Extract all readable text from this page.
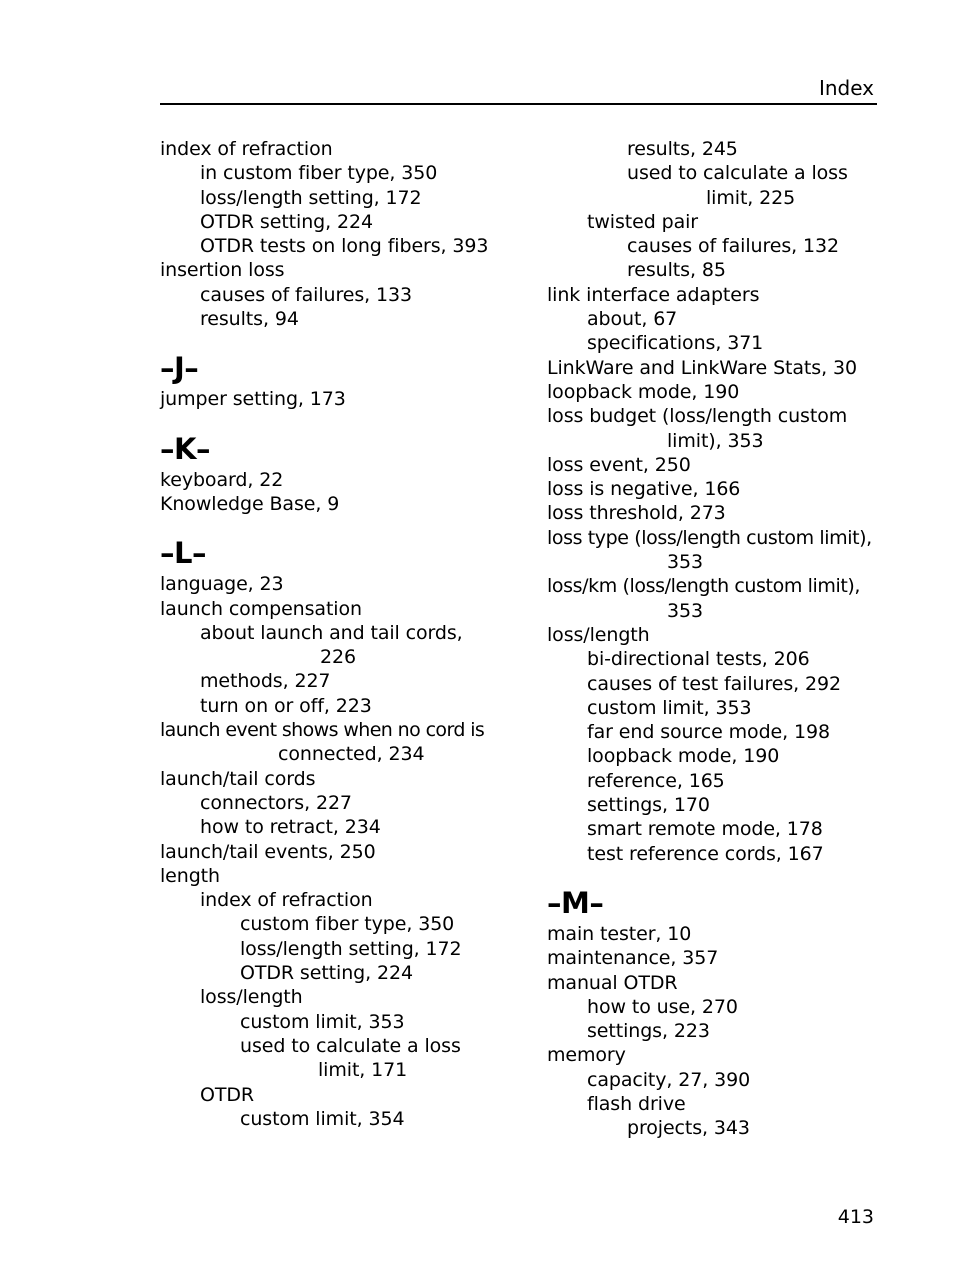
Index
index of refraction
in custom fiber type, 350
loss/length setting, 172
OTDR setting, 224
OTDR tests on long fibers, 393
insertion loss
causes of failures, 133
results, 94
–J–
jumper setting, 173
–K–
keyboard, 22
Knowledge Base, 9
–L–
language, 23
launch compensation
about launch and tail cords,
226
methods, 227
turn on or off, 223
launch event shows when no cord is
connected, 234
launch/tail cords
connectors, 227
how to retract, 234
launch/tail events, 250
length
index of refraction
custom fiber type, 350
loss/length setting, 172
OTDR setting, 224
loss/length
custom limit, 353
used to calculate a loss
limit, 171
OTDR
custom limit, 354
results, 245
used to calculate a loss
limit, 225
twisted pair
causes of failures, 132
results, 85
link interface adapters
about, 67
specifications, 371
LinkWare and LinkWare Stats, 30
loopback mode, 190
loss budget (loss/length custom
limit), 353
loss event, 250
loss is negative, 166
loss threshold, 273
loss type (loss/length custom limit),
353
loss/km (loss/length custom limit),
353
loss/length
bi-directional tests, 206
causes of test failures, 292
custom limit, 353
far end source mode, 198
loopback mode, 190
reference, 165
settings, 170
smart remote mode, 178
test reference cords, 167
–M–
main tester, 10
maintenance, 357
manual OTDR
how to use, 270
settings, 223
memory
capacity, 27, 390
flash drive
projects, 343
413
